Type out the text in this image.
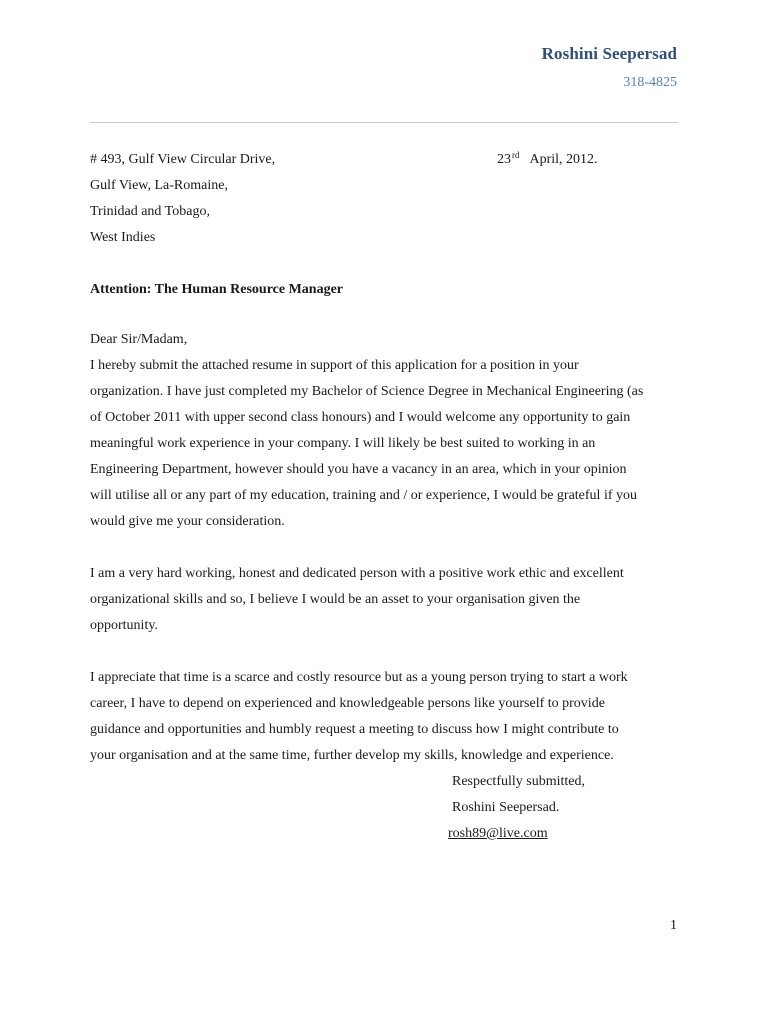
Roshini Seepersad
318-4825
# 493, Gulf View Circular Drive,
Gulf View, La-Romaine,
Trinidad and Tobago,
West Indies
23rd April, 2012.
Attention: The Human Resource Manager
Dear Sir/Madam,
I hereby submit the attached resume in support of this application for a position in your
organization. I have just completed my Bachelor of Science Degree in Mechanical Engineering (as
of October 2011 with upper second class honours) and I would welcome any opportunity to gain
meaningful work experience in your company. I will likely be best suited to working in an
Engineering Department, however should you have a vacancy in an area, which in your opinion
will utilise all or any part of my education, training and / or experience, I would be grateful if you
would give me your consideration.
I am a very hard working, honest and dedicated person with a positive work ethic and excellent
organizational skills and so, I believe I would be an asset to your organisation given the
opportunity.
I appreciate that time is a scarce and costly resource but as a young person trying to start a work
career, I have to depend on experienced and knowledgeable persons like yourself to provide
guidance and opportunities and humbly request a meeting to discuss how I might contribute to
your organisation and at the same time, further develop my skills, knowledge and experience.
Respectfully submitted,
Roshini Seepersad.
rosh89@live.com
1
